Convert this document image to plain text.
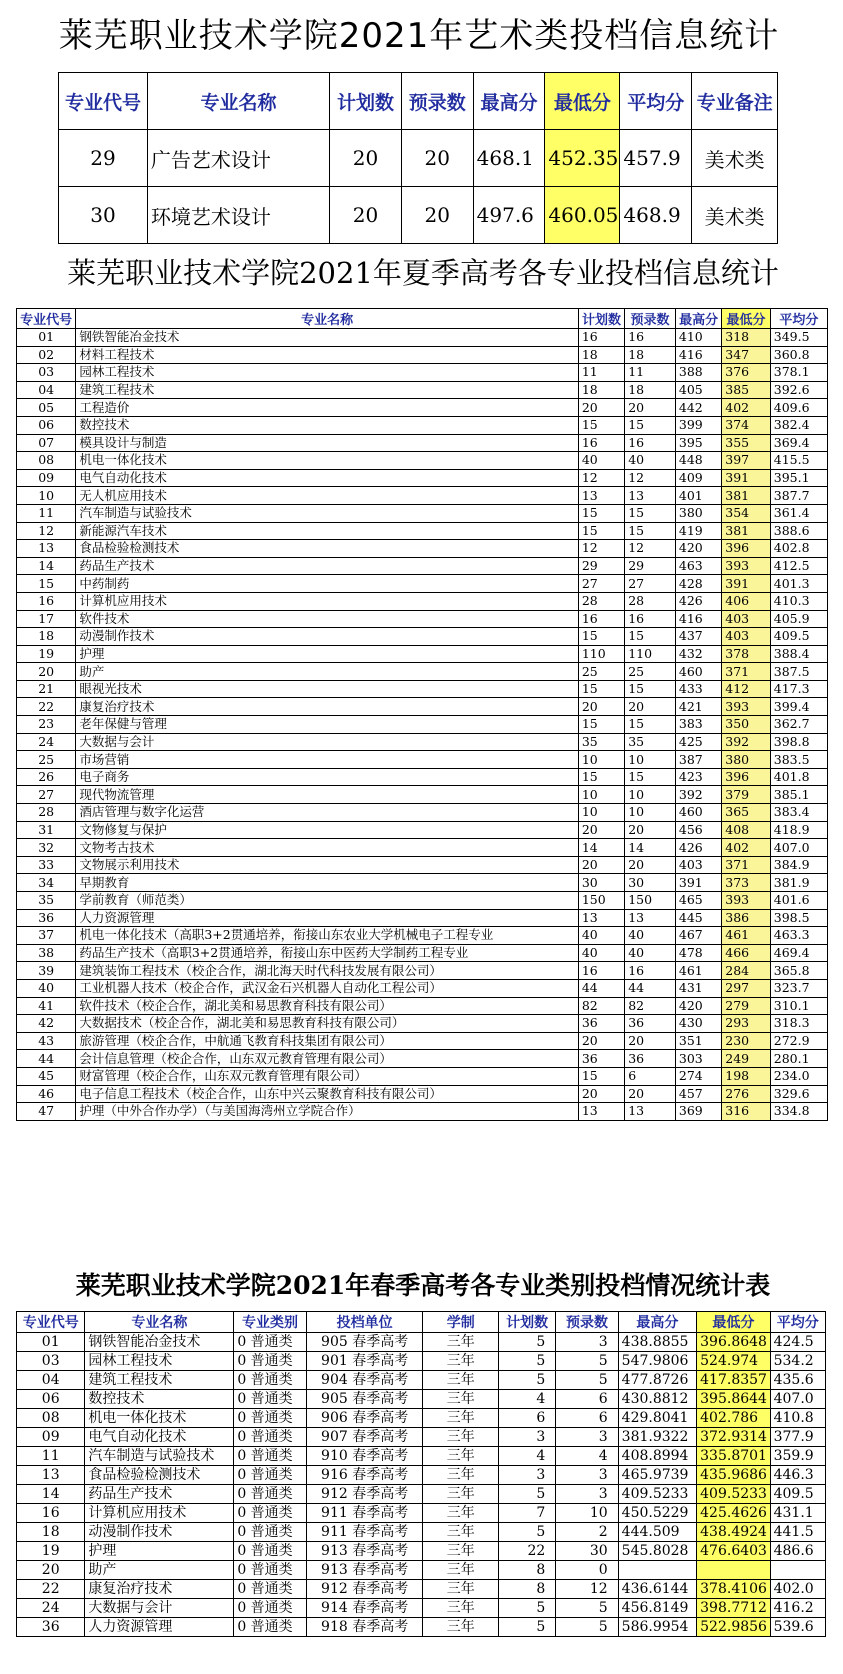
莱芜职业技术学院2021年艺术类投档信息统计
专业代号	专业名称	计划数	预录数	最高分	最低分	平均分	专业备注
29	广告艺术设计	20	20	468.1	452.35	457.9	美术类
30	环境艺术设计	20	20	497.6	460.05	468.9	美术类
莱芜职业技术学院2021年夏季高考各专业投档信息统计
专业代号	专业名称	计划数	预录数	最高分	最低分	平均分
01	钢铁智能冶金技术	16	16	410	318	349.5
02	材料工程技术	18	18	416	347	360.8
03	园林工程技术	11	11	388	376	378.1
04	建筑工程技术	18	18	405	385	392.6
05	工程造价	20	20	442	402	409.6
06	数控技术	15	15	399	374	382.4
07	模具设计与制造	16	16	395	355	369.4
08	机电一体化技术	40	40	448	397	415.5
09	电气自动化技术	12	12	409	391	395.1
10	无人机应用技术	13	13	401	381	387.7
11	汽车制造与试验技术	15	15	380	354	361.4
12	新能源汽车技术	15	15	419	381	388.6
13	食品检验检测技术	12	12	420	396	402.8
14	药品生产技术	29	29	463	393	412.5
15	中药制药	27	27	428	391	401.3
16	计算机应用技术	28	28	426	406	410.3
17	软件技术	16	16	416	403	405.9
18	动漫制作技术	15	15	437	403	409.5
19	护理	110	110	432	378	388.4
20	助产	25	25	460	371	387.5
21	眼视光技术	15	15	433	412	417.3
22	康复治疗技术	20	20	421	393	399.4
23	老年保健与管理	15	15	383	350	362.7
24	大数据与会计	35	35	425	392	398.8
25	市场营销	10	10	387	380	383.5
26	电子商务	15	15	423	396	401.8
27	现代物流管理	10	10	392	379	385.1
28	酒店管理与数字化运营	10	10	460	365	383.4
31	文物修复与保护	20	20	456	408	418.9
32	文物考古技术	14	14	426	402	407.0
33	文物展示利用技术	20	20	403	371	384.9
34	早期教育	30	30	391	373	381.9
35	学前教育（师范类）	150	150	465	393	401.6
36	人力资源管理	13	13	445	386	398.5
37	机电一体化技术（高职3+2贯通培养，衔接山东农业大学机械电子工程专业	40	40	467	461	463.3
38	药品生产技术（高职3+2贯通培养，衔接山东中医药大学制药工程专业	40	40	478	466	469.4
39	建筑装饰工程技术（校企合作，湖北海天时代科技发展有限公司）	16	16	461	284	365.8
40	工业机器人技术（校企合作，武汉金石兴机器人自动化工程公司）	44	44	431	297	323.7
41	软件技术（校企合作，湖北美和易思教育科技有限公司）	82	82	420	279	310.1
42	大数据技术（校企合作，湖北美和易思教育科技有限公司）	36	36	430	293	318.3
43	旅游管理（校企合作，中航通飞教育科技集团有限公司）	20	20	351	230	272.9
44	会计信息管理（校企合作，山东双元教育管理有限公司）	36	36	303	249	280.1
45	财富管理（校企合作，山东双元教育管理有限公司）	15	6	274	198	234.0
46	电子信息工程技术（校企合作，山东中兴云聚教育科技有限公司）	20	20	457	276	329.6
47	护理（中外合作办学）（与美国海湾州立学院合作）	13	13	369	316	334.8
莱芜职业技术学院2021年春季高考各专业类别投档情况统计表
专业代号	专业名称	专业类别	投档单位	学制	计划数	预录数	最高分	最低分	平均分
01	钢铁智能冶金技术	0 普通类	905 春季高考	三年	5	3	438.8855	396.8648	424.5
03	园林工程技术	0 普通类	901 春季高考	三年	5	5	547.9806	524.974	534.2
04	建筑工程技术	0 普通类	904 春季高考	三年	5	5	477.8726	417.8357	435.6
06	数控技术	0 普通类	905 春季高考	三年	4	6	430.8812	395.8644	407.0
08	机电一体化技术	0 普通类	906 春季高考	三年	6	6	429.8041	402.786	410.8
09	电气自动化技术	0 普通类	907 春季高考	三年	3	3	381.9322	372.9314	377.9
11	汽车制造与试验技术	0 普通类	910 春季高考	三年	4	4	408.8994	335.8701	359.9
13	食品检验检测技术	0 普通类	916 春季高考	三年	3	3	465.9739	435.9686	446.3
14	药品生产技术	0 普通类	912 春季高考	三年	5	3	409.5233	409.5233	409.5
16	计算机应用技术	0 普通类	911 春季高考	三年	7	10	450.5229	425.4626	431.1
18	动漫制作技术	0 普通类	911 春季高考	三年	5	2	444.509	438.4924	441.5
19	护理	0 普通类	913 春季高考	三年	22	30	545.8028	476.6403	486.6
20	助产	0 普通类	913 春季高考	三年	8	0			
22	康复治疗技术	0 普通类	912 春季高考	三年	8	12	436.6144	378.4106	402.0
24	大数据与会计	0 普通类	914 春季高考	三年	5	5	456.8149	398.7712	416.2
36	人力资源管理	0 普通类	918 春季高考	三年	5	5	586.9954	522.9856	539.6
